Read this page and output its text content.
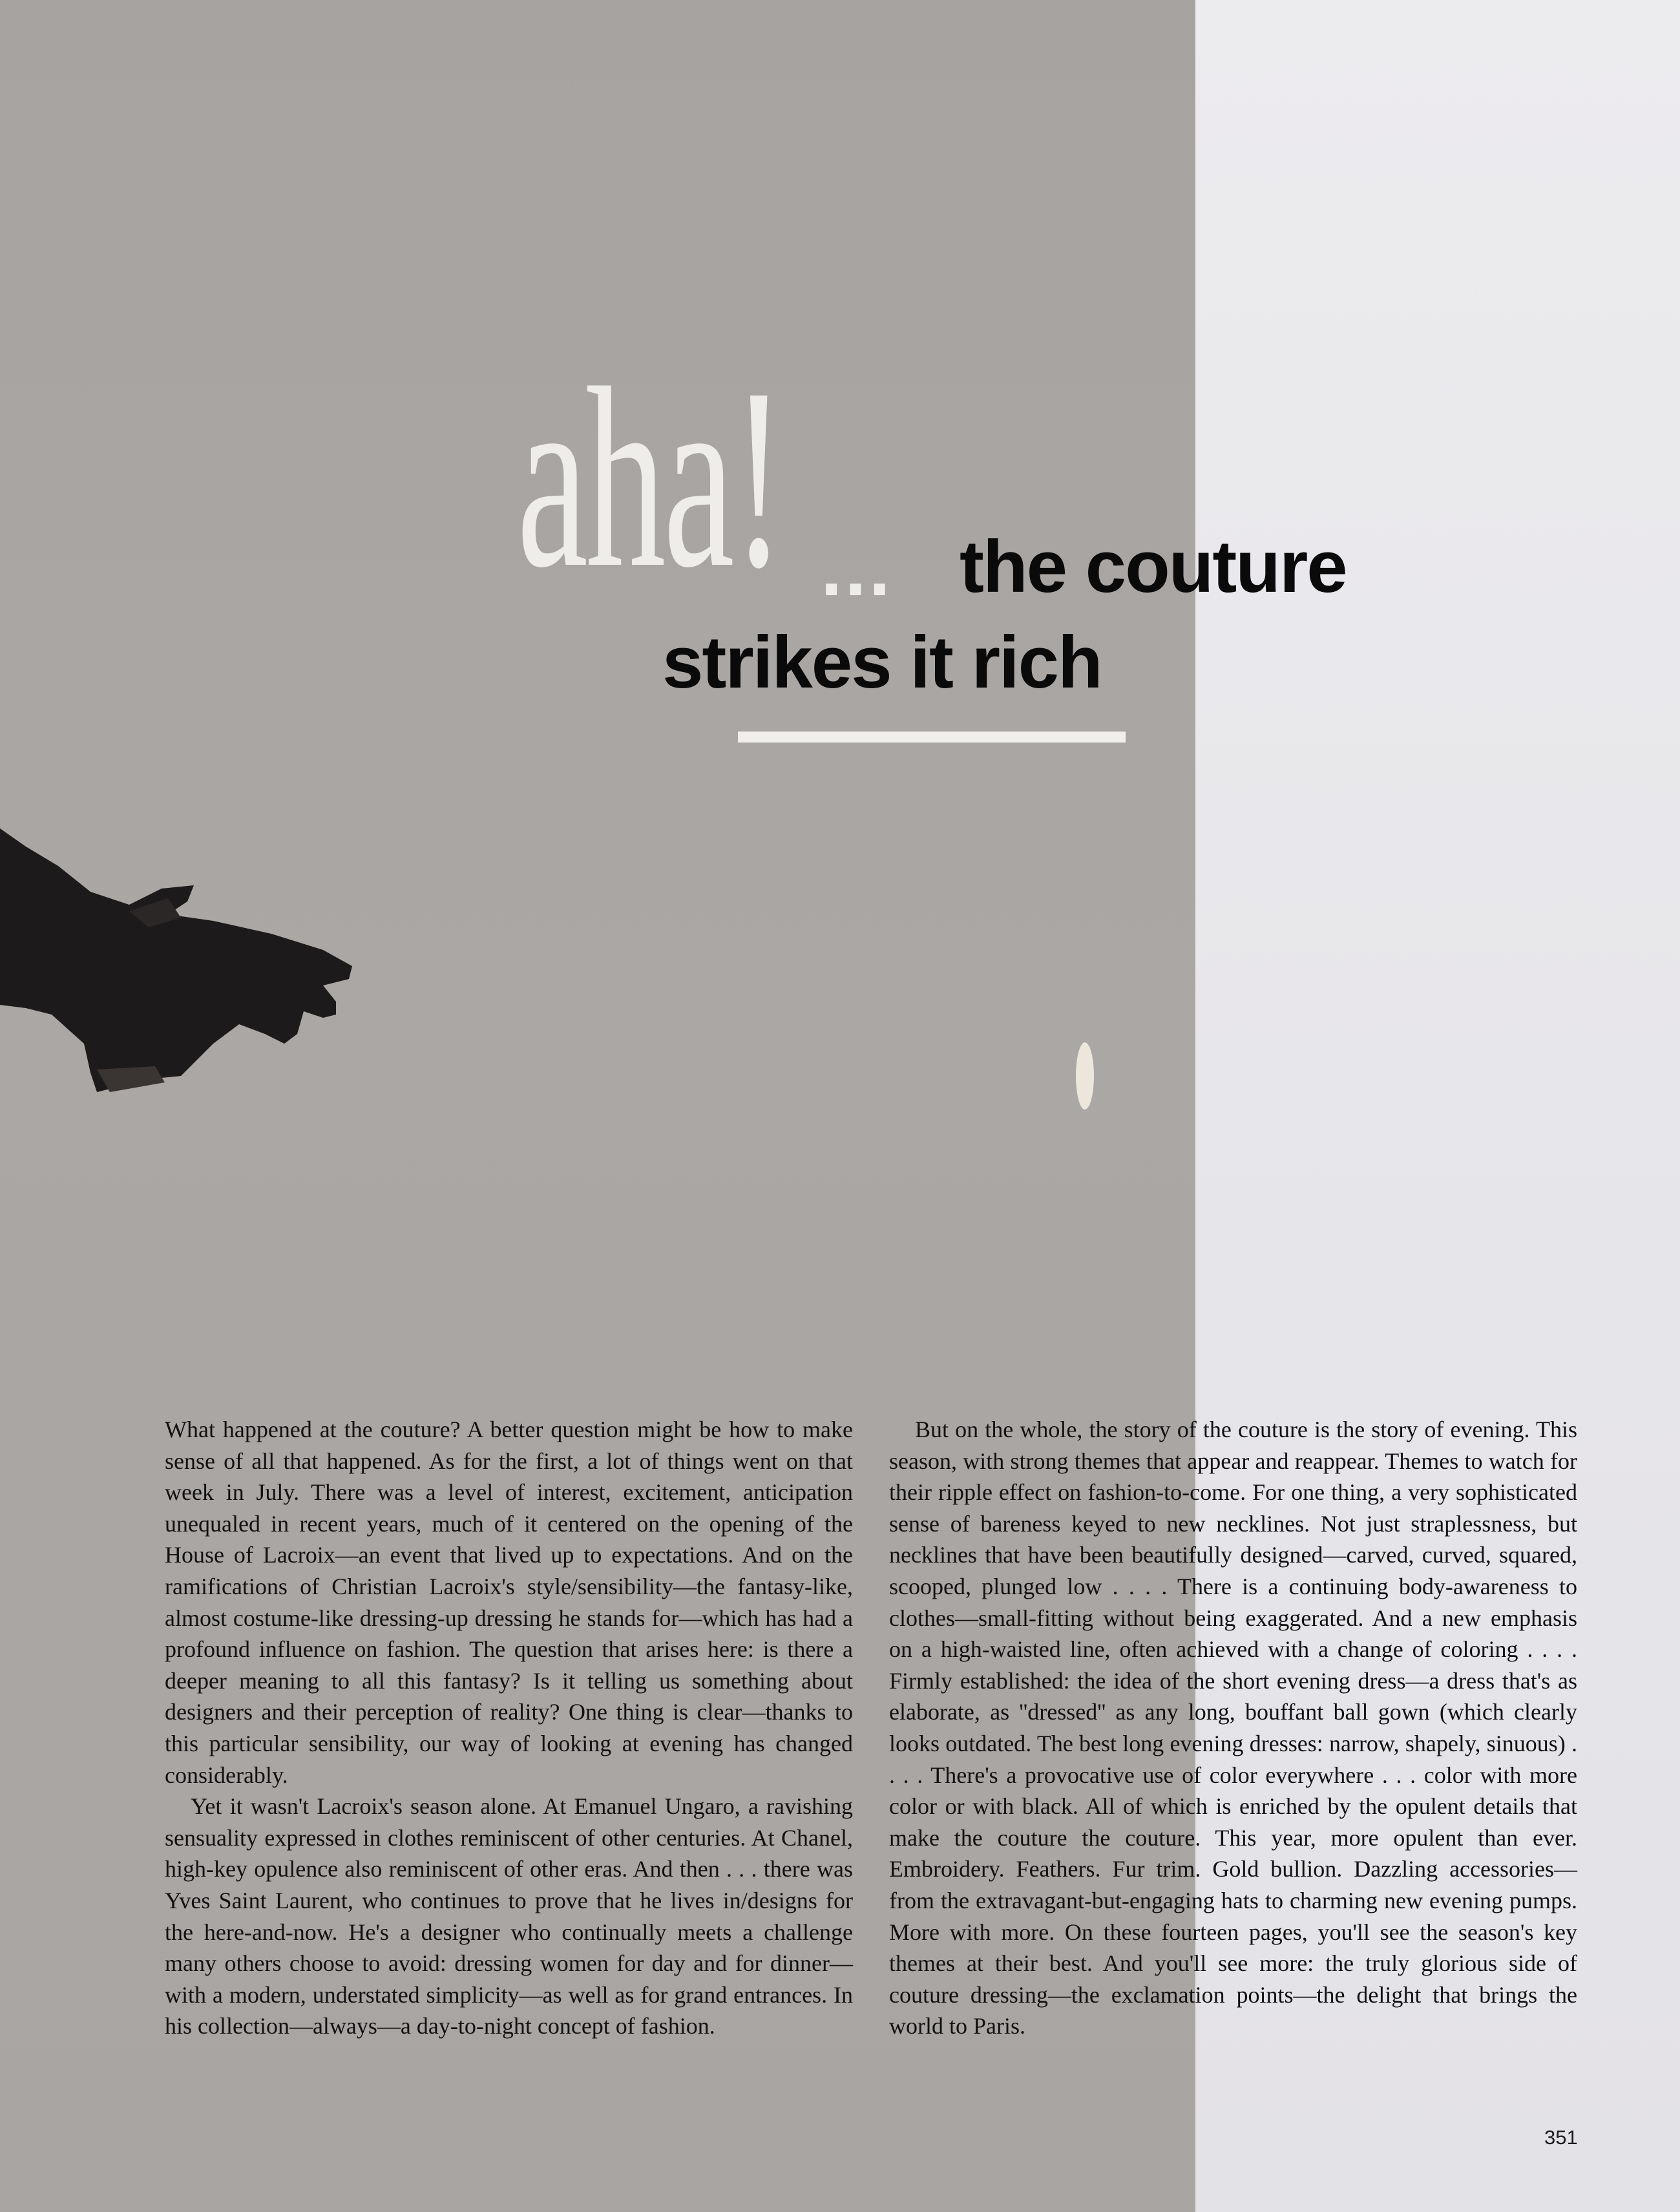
aha! ... the couture
strikes it rich

What happened at the couture? A better question might be how to make sense of all that happened. As for the first, a lot of things went on that week in July. There was a level of interest, excitement, anticipation unequaled in recent years, much of it centered on the opening of the House of Lacroix—an event that lived up to expectations. And on the ramifications of Christian Lacroix's style/sensibility—the fantasy-like, almost costume-like dressing-up dressing he stands for—which has had a profound influence on fashion. The question that arises here: is there a deeper meaning to all this fantasy? Is it telling us something about designers and their perception of reality? One thing is clear—thanks to this particular sensibility, our way of looking at evening has changed considerably.

Yet it wasn't Lacroix's season alone. At Emanuel Ungaro, a ravishing sensuality expressed in clothes reminiscent of other centuries. At Chanel, high-key opulence also reminiscent of other eras. And then . . . there was Yves Saint Laurent, who continues to prove that he lives in/designs for the here-and-now. He's a designer who continually meets a challenge many others choose to avoid: dressing women for day and for dinner—with a modern, understated simplicity—as well as for grand entrances. In his collection—always—a day-to-night concept of fashion.

But on the whole, the story of the couture is the story of evening. This season, with strong themes that appear and reappear. Themes to watch for their ripple effect on fashion-to-come. For one thing, a very sophisticated sense of bareness keyed to new necklines. Not just straplessness, but necklines that have been beautifully designed—carved, curved, squared, scooped, plunged low . . . . There is a continuing body-awareness to clothes—small-fitting without being exaggerated. And a new emphasis on a high-waisted line, often achieved with a change of coloring . . . . Firmly established: the idea of the short evening dress—a dress that's as elaborate, as ''dressed'' as any long, bouffant ball gown (which clearly looks outdated. The best long evening dresses: narrow, shapely, sinuous) . . . . There's a provocative use of color everywhere . . . color with more color or with black. All of which is enriched by the opulent details that make the couture the couture. This year, more opulent than ever. Embroidery. Feathers. Fur trim. Gold bullion. Dazzling accessories—from the extravagant-but-engaging hats to charming new evening pumps. More with more. On these fourteen pages, you'll see the season's key themes at their best. And you'll see more: the truly glorious side of couture dressing—the exclamation points—the delight that brings the world to Paris.

351
